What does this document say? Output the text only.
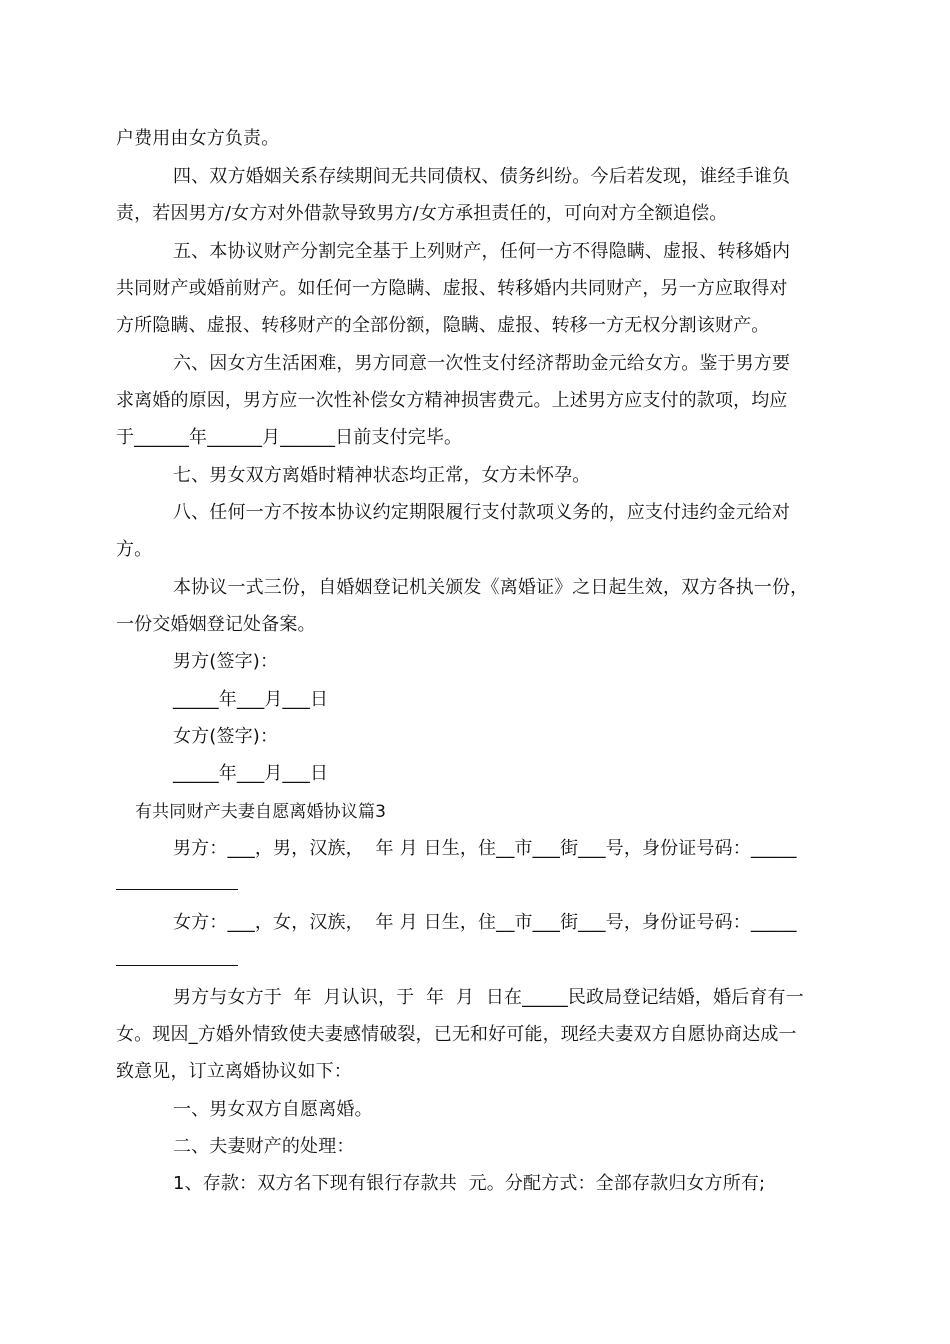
户费用由女方负责。
四、双方婚姻关系存续期间无共同债权、债务纠纷。今后若发现，谁经手谁负
责，若因男方/女方对外借款导致男方/女方承担责任的，可向对方全额追偿。
五、本协议财产分割完全基于上列财产，任何一方不得隐瞒、虚报、转移婚内
共同财产或婚前财产。如任何一方隐瞒、虚报、转移婚内共同财产，另一方应取得对
方所隐瞒、虚报、转移财产的全部份额，隐瞒、虚报、转移一方无权分割该财产。
六、因女方生活困难，男方同意一次性支付经济帮助金元给女方。鉴于男方要
求离婚的原因，男方应一次性补偿女方精神损害费元。上述男方应支付的款项，均应
于______年______月______日前支付完毕。
七、男女双方离婚时精神状态均正常，女方未怀孕。
八、任何一方不按本协议约定期限履行支付款项义务的，应支付违约金元给对
方。
本协议一式三份，自婚姻登记机关颁发《离婚证》之日起生效，双方各执一份，
一份交婚姻登记处备案。
男方(签字)：
_____年___月___日
女方(签字)：
_____年___月___日
有共同财产夫妻自愿离婚协议篇3
男方：___，男，汉族，  年 月 日生，住__市___街___号，身份证号码：_____
女方：___，女，汉族，  年 月 日生，住__市___街___号，身份证号码：_____
男方与女方于  年  月认识，于  年  月  日在_____民政局登记结婚，婚后育有一
女。现因_方婚外情致使夫妻感情破裂，已无和好可能，现经夫妻双方自愿协商达成一
致意见，订立离婚协议如下：
一、男女双方自愿离婚。
二、夫妻财产的处理：
1、存款：双方名下现有银行存款共  元。分配方式：全部存款归女方所有;
